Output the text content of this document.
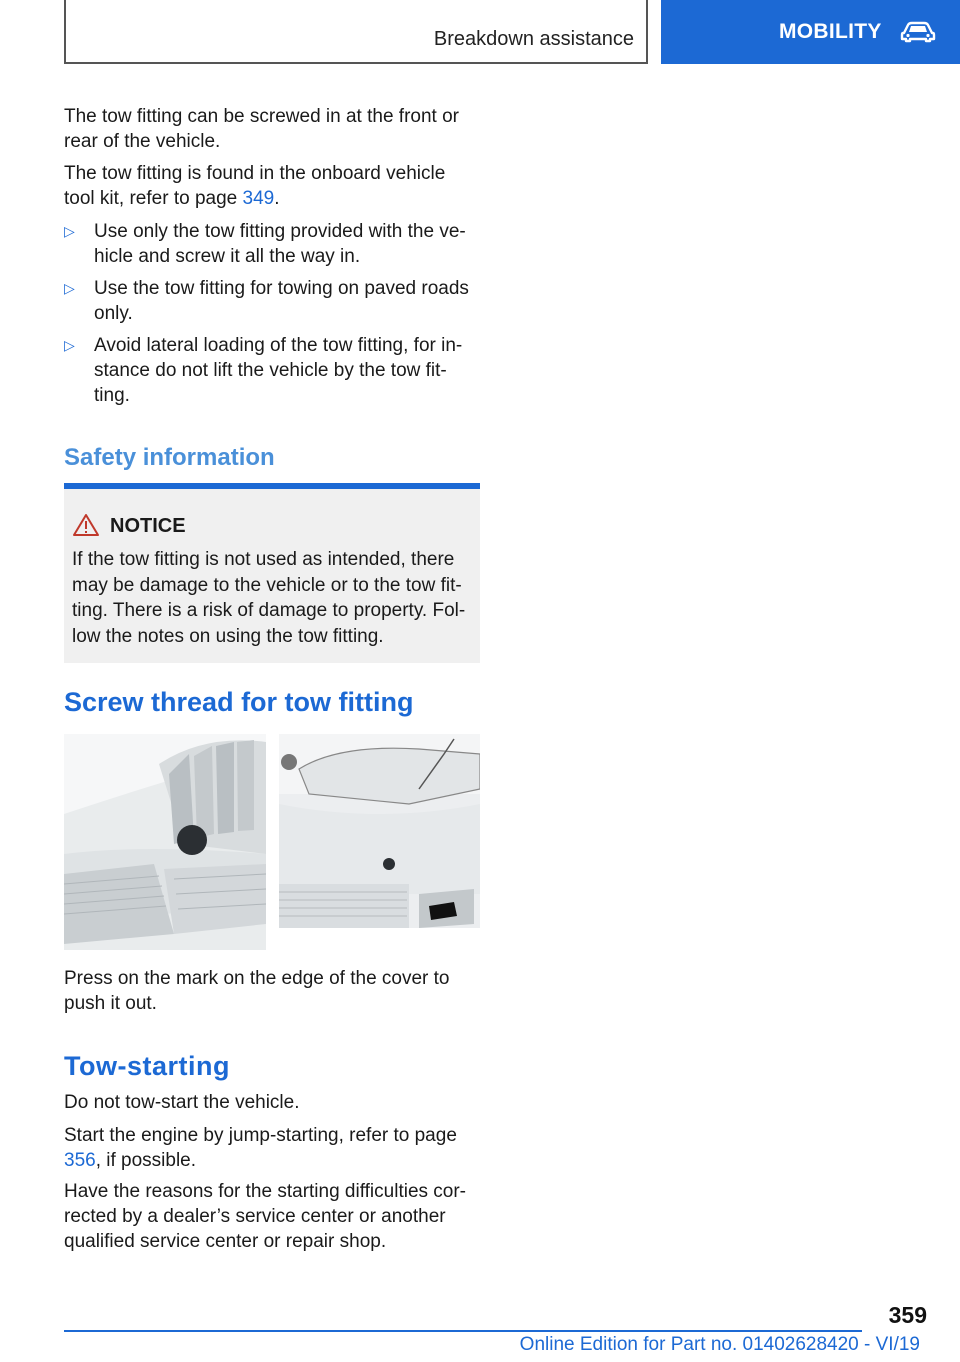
Breakdown assistance	MOBILITY

The tow fitting can be screwed in at the front or rear of the vehicle.

The tow fitting is found in the onboard vehicle tool kit, refer to page 349.

▷ Use only the tow fitting provided with the ve‐hicle and screw it all the way in.
▷ Use the tow fitting for towing on paved roads only.
▷ Avoid lateral loading of the tow fitting, for in‐stance do not lift the vehicle by the tow fit‐ting.
Safety information
NOTICE
If the tow fitting is not used as intended, there may be damage to the vehicle or to the tow fit‐ting. There is a risk of damage to property. Fol‐low the notes on using the tow fitting.
Screw thread for tow fitting

Press on the mark on the edge of the cover to push it out.

Tow-starting

Do not tow-start the vehicle.

Start the engine by jump-starting, refer to page 356, if possible.

Have the reasons for the starting difficulties cor‐rected by a dealer’s service center or another qualified service center or repair shop.

359
Online Edition for Part no. 01402628420 - VI/19
